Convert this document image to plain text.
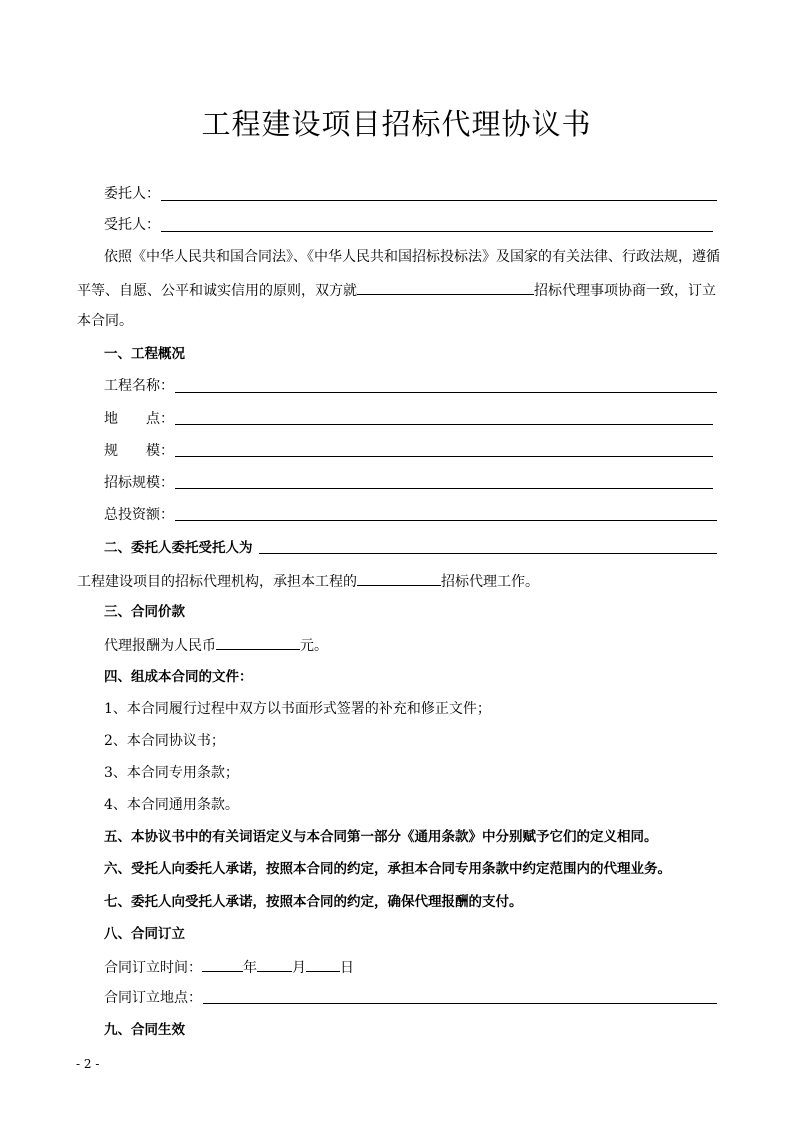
工程建设项目招标代理协议书
委托人：
受托人：
依照《中华人民共和国合同法》、《中华人民共和国招标投标法》及国家的有关法律、行政法规，遵循
平等、自愿、公平和诚实信用的原则，双方就	招标代理事项协商一致，订立
本合同。
一、工程概况
工程名称：
地 点：
规 模：
招标规模：
总投资额：
二、委托人委托受托人为
工程建设项目的招标代理机构，承担本工程的	招标代理工作。
三、合同价款
代理报酬为人民币	元。
四、组成本合同的文件：
1、本合同履行过程中双方以书面形式签署的补充和修正文件；
2、本合同协议书；
3、本合同专用条款；
4、本合同通用条款。
五、本协议书中的有关词语定义与本合同第一部分《通用条款》中分别赋予它们的定义相同。
六、受托人向委托人承诺，按照本合同的约定，承担本合同专用条款中约定范围内的代理业务。
七、委托人向受托人承诺，按照本合同的约定，确保代理报酬的支付。
八、合同订立
合同订立时间：	年	月 日
合同订立地点：
九、合同生效
- 2 -
